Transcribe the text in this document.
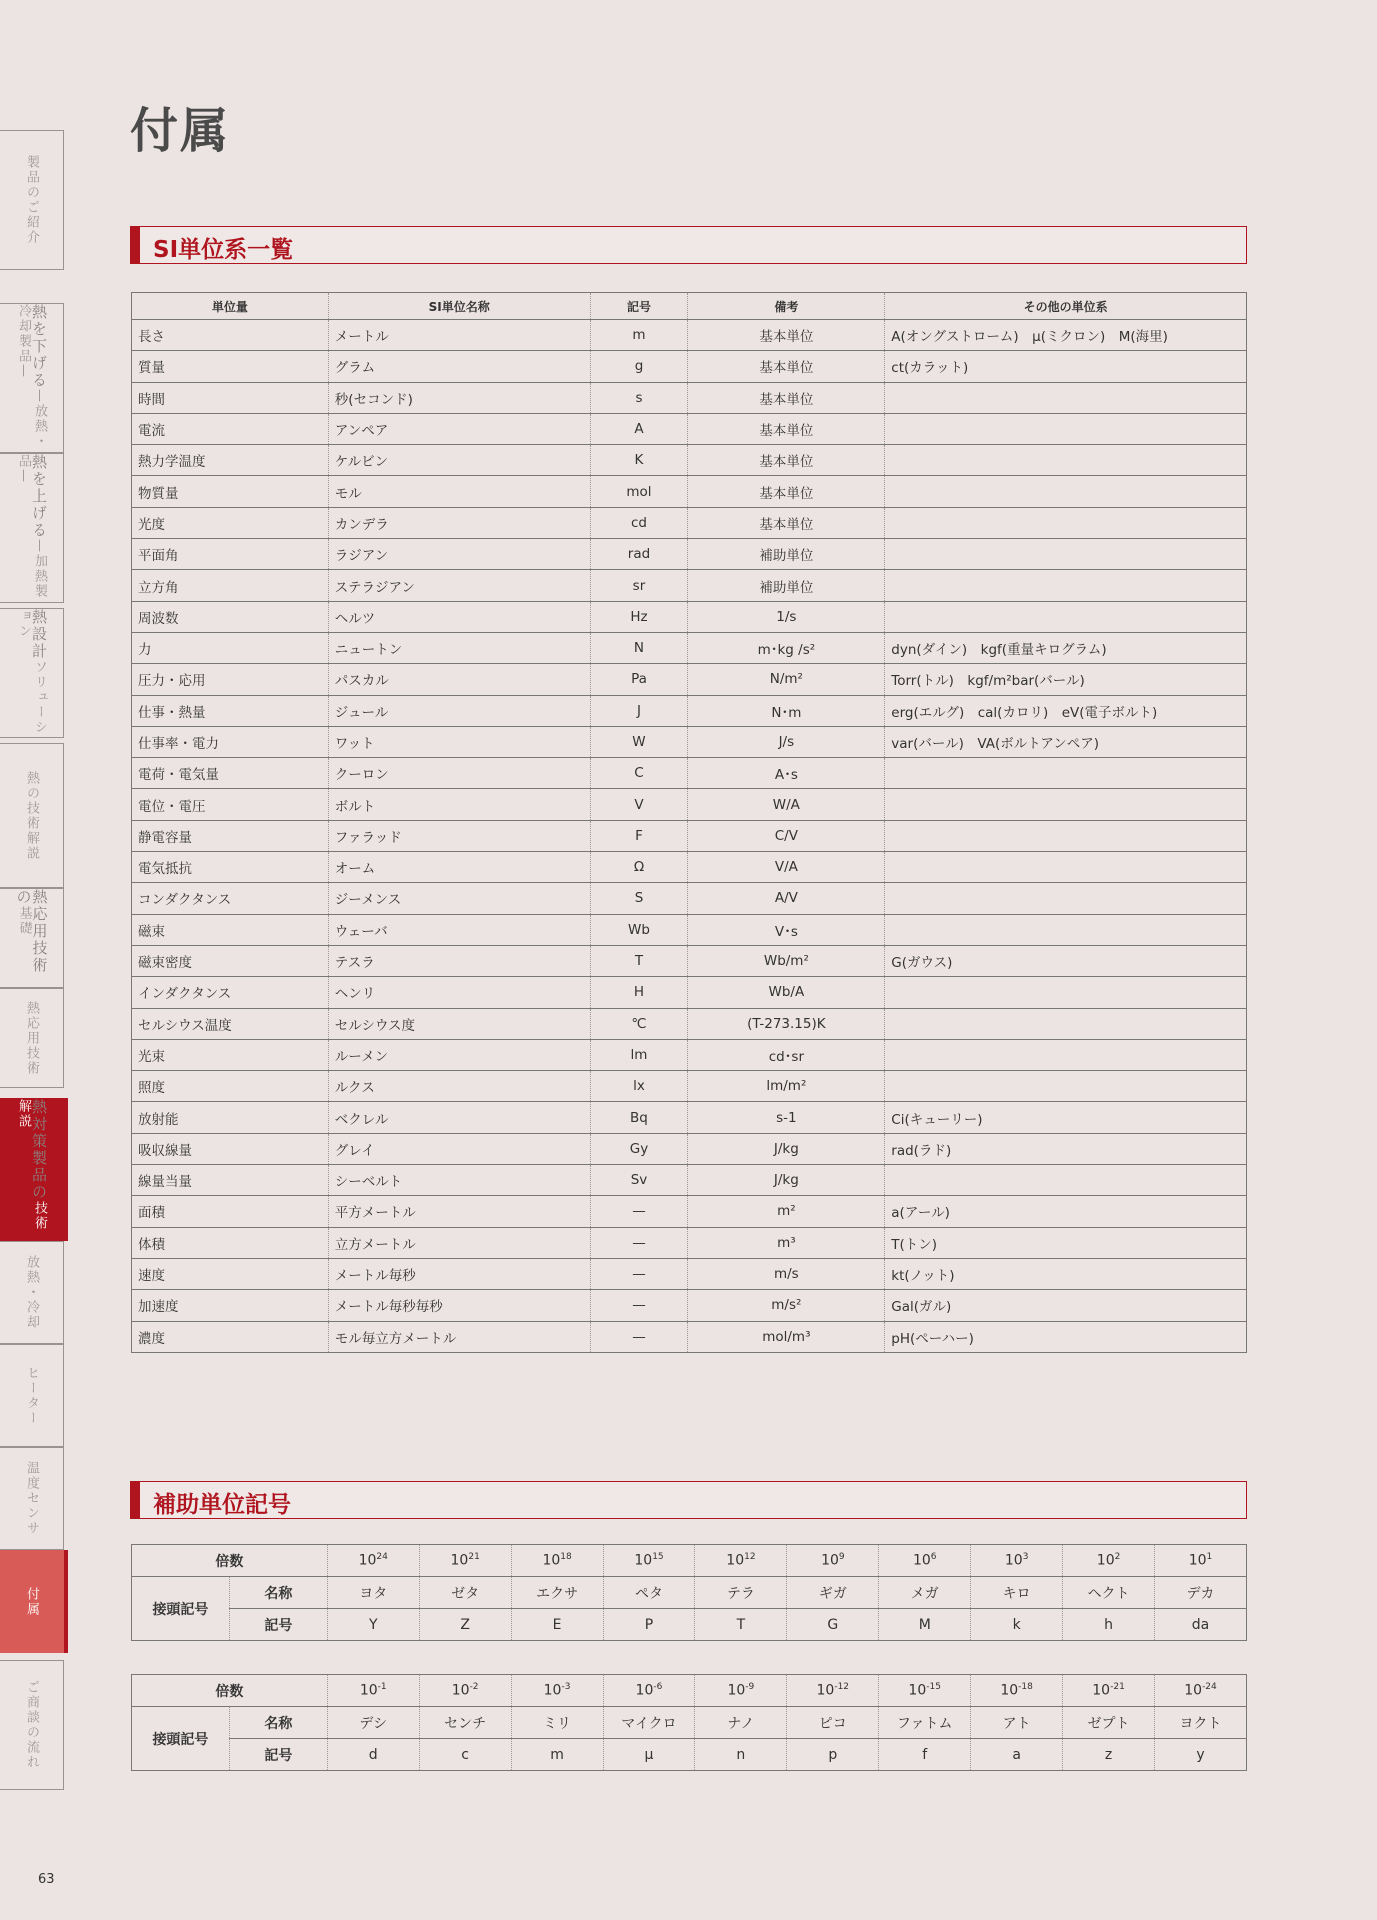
製品のご紹介
熱を下げる—放熱・冷却製品—
熱を上げる—加熱製品—
熱設計ソリューション
熱の技術解説
熱応用技術の基礎
熱応用技術
熱対策製品の技術解説
放熱・冷却
ヒーター
温度センサ
付属
ご商談の流れ
付属
SI単位系一覧
単位量	SI単位名称	記号	備考	その他の単位系
長さ	メートル	m	基本単位	A(オングストローム)　μ(ミクロン)　M(海里)
質量	グラム	g	基本単位	ct(カラット)
時間	秒(セコンド)	s	基本単位	
電流	アンペア	A	基本単位	
熱力学温度	ケルビン	K	基本単位	
物質量	モル	mol	基本単位	
光度	カンデラ	cd	基本単位	
平面角	ラジアン	rad	補助単位	
立方角	ステラジアン	sr	補助単位	
周波数	ヘルツ	Hz	1/s	
力	ニュートン	N	m･kg /s²	dyn(ダイン)　kgf(重量キログラム)
圧力・応用	パスカル	Pa	N/m²	Torr(トル)　kgf/m²bar(バール)
仕事・熱量	ジュール	J	N･m	erg(エルグ)　cal(カロリ)　eV(電子ボルト)
仕事率・電力	ワット	W	J/s	var(バール)　VA(ボルトアンペア)
電荷・電気量	クーロン	C	A･s	
電位・電圧	ボルト	V	W/A	
静電容量	ファラッド	F	C/V	
電気抵抗	オーム	Ω	V/A	
コンダクタンス	ジーメンス	S	A/V	
磁束	ウェーバ	Wb	V･s	
磁束密度	テスラ	T	Wb/m²	G(ガウス)
インダクタンス	ヘンリ	H	Wb/A	
セルシウス温度	セルシウス度	℃	(T-273.15)K	
光束	ルーメン	lm	cd･sr	
照度	ルクス	lx	lm/m²	
放射能	ベクレル	Bq	s-1	Ci(キューリー)
吸収線量	グレイ	Gy	J/kg	rad(ラド)
線量当量	シーベルト	Sv	J/kg	
面積	平方メートル	—	m²	a(アール)
体積	立方メートル	—	m³	T(トン)
速度	メートル毎秒	—	m/s	kt(ノット)
加速度	メートル毎秒毎秒	—	m/s²	Gal(ガル)
濃度	モル毎立方メートル	—	mol/m³	pH(ペーハー)
補助単位記号
倍数		$10^{24}$	$10^{21}$	$10^{18}$	$10^{15}$	$10^{12}$	$10^9$	$10^6$	$10^3$	$10^2$	$10^1$
接頭記号	名称	ヨタ	ゼタ	エクサ	ペタ	テラ	ギガ	メガ	キロ	ヘクト	デカ
	記号	Y	Z	E	P	T	G	M	k	h	da
倍数		$10^{-1}$	$10^{-2}$	$10^{-3}$	$10^{-6}$	$10^{-9}$	$10^{-12}$	$10^{-15}$	$10^{-18}$	$10^{-21}$	$10^{-24}$
接頭記号	名称	デシ	センチ	ミリ	マイクロ	ナノ	ピコ	ファトム	アト	ゼプト	ヨクト
	記号	d	c	m	μ	n	p	f	a	z	y
63
